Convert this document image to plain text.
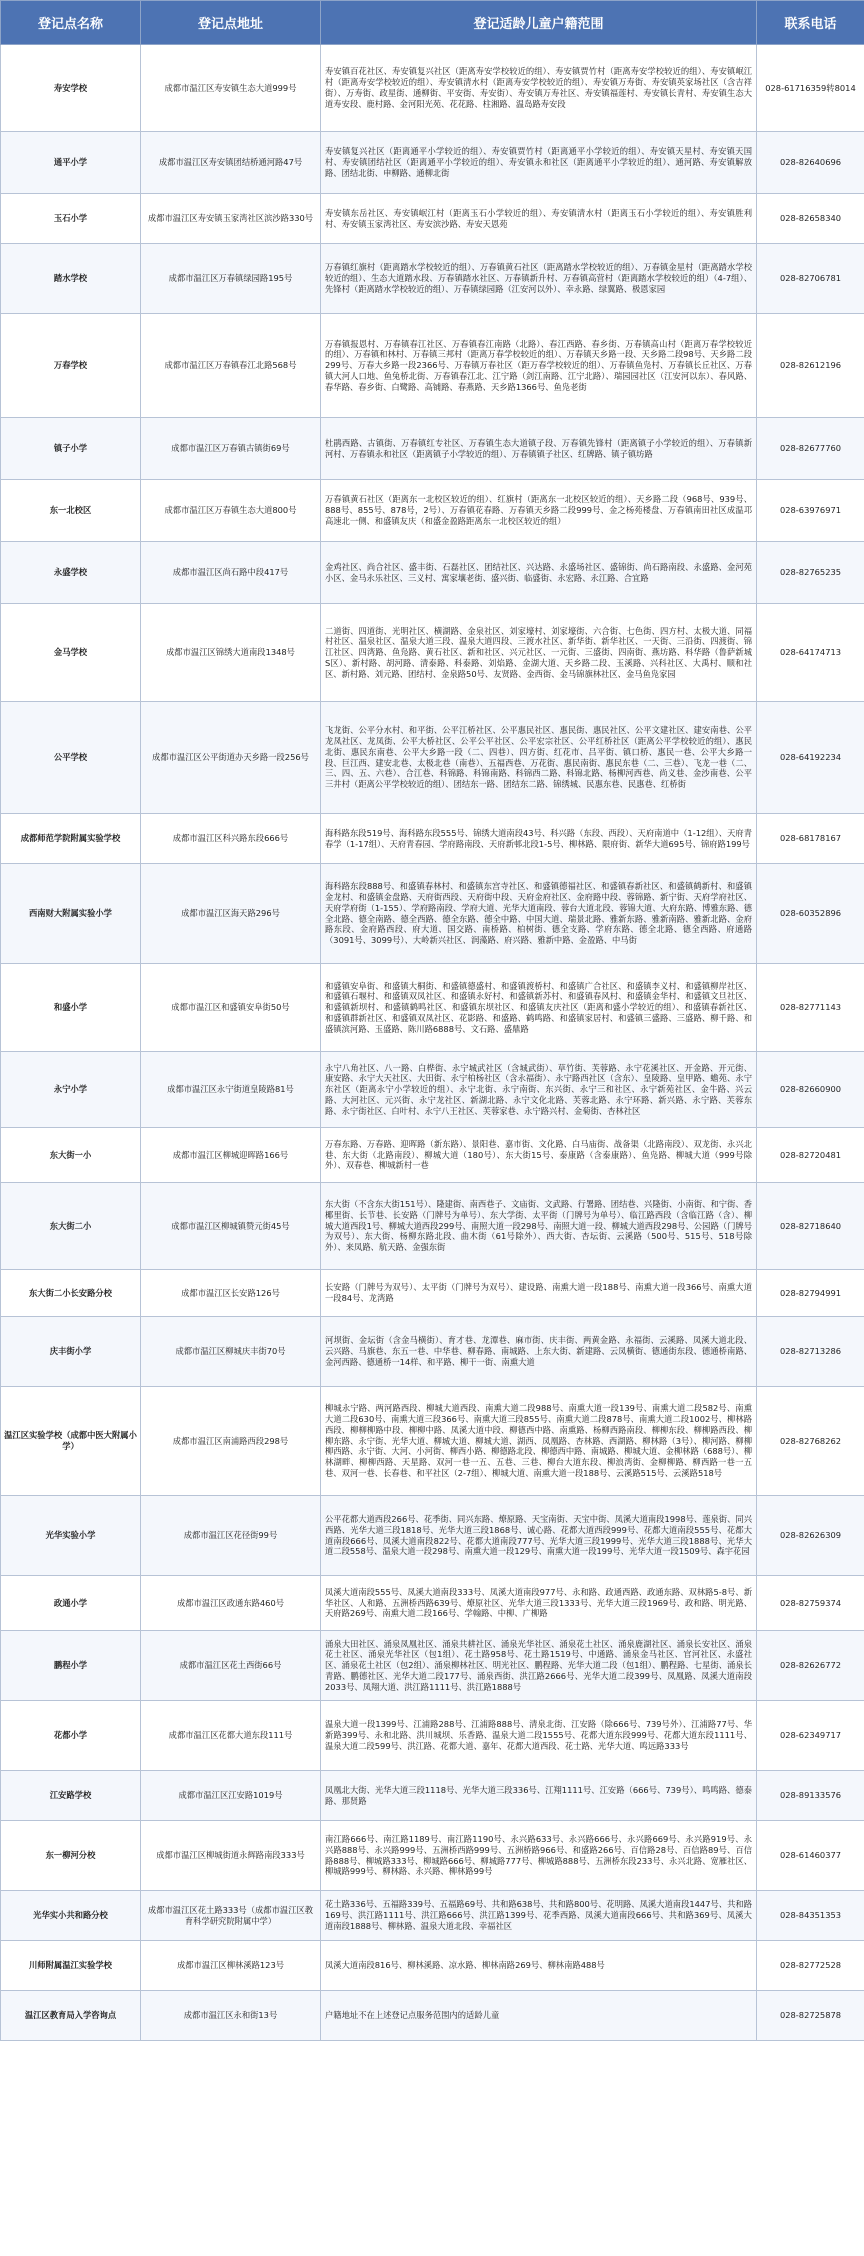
登记点名称	登记点地址	登记适龄儿童户籍范围	联系电话
寿安学校	成都市温江区寿安镇生态大道999号	寿安镇百花社区、寿安镇复兴社区（距离寿安学校较近的组）、寿安镇贾竹村（距离寿安学校较近的组）、寿安镇岷江村（距离寿安学校较近的组）、寿安镇清水村（距离寿安学校较近的组）、寿安镇万寿街、寿安镇英家场社区（含吉祥街）、万寿街、政星街、通柳街、平安街、寿安街）、寿安镇万寿社区、寿安镇福莲村、寿安镇长青村、寿安镇生态大道寿安段、鹿村路、金河阳光苑、花花路、柱湘路、温岛路寿安段	028-61716359转8014
通平小学	成都市温江区寿安镇团结桥通河路47号	寿安镇复兴社区（距离通平小学较近的组）、寿安镇贾竹村（距离通平小学较近的组）、寿安镇天星村、寿安镇天国村、寿安镇团结社区（距离通平小学较近的组）、寿安镇永和社区（距离通平小学较近的组）、通河路、寿安镇解放路、团结北街、申柳路、通柳北街	028-82640696
玉石小学	成都市温江区寿安镇玉家湾社区滨沙路330号	寿安镇东岳社区、寿安镇岷江村（距离玉石小学较近的组）、寿安镇清水村（距离玉石小学较近的组）、寿安镇胜利村、寿安镇玉家湾社区、寿安滨沙路、寿安天恩苑	028-82658340
踏水学校	成都市温江区万春镇绿园路195号	万春镇红旗村（距离踏水学校较近的组）、万春镇黄石社区（距离踏水学校较近的组）、万春镇金星村（距离踏水学校较近的组）、生态大道踏水段、万春镇踏水社区、万春镇新升村、万春镇高营村（距离踏水学校较近的组）（4-7组）、先锋村（距离踏水学校较近的组）、万春镇绿园路（江安河以外）、幸永路、绿翼路、极恩家园	028-82706781
万春学校	成都市温江区万春镇春江北路568号	万春镇报恩村、万春镇春江社区、万春镇春江南路（北路）、春江西路、春乡街、万春镇高山村（距离万春学校较近的组）、万春镇和林村、万春镇三邦村（距离万春学校较近的组）、万春镇天乡路一段、天乡路二段98号、天乡路二段299号、万春大乡路一段2366号、万春镇万春社区（距万春学校较近的组）、万春镇鱼凫村、万春镇长丘社区、万春镇大河人口地、鱼兔桥北街、万春镇春江北、江宁路（剑江南路、江宁北路）、瑞园园社区（江安河以东）、春风路、春华路、春乡街、白鹭路、高铺路、春燕路、天乡路1366号、鱼凫老街	028-82612196
镇子小学	成都市温江区万春镇古镇街69号	杜鹃西路、古镇街、万春镇红专社区、万春镇生态大道镇子段、万春镇先锋村（距离镇子小学较近的组）、万春镇新河村、万春镇永和社区（距离镇子小学较近的组）、万春镇镇子社区、红牌路、镇子镇坊路	028-82677760
东一北校区	成都市温江区万春镇生态大道800号	万春镇黄石社区（距离东一北校区较近的组）、红旗村（距离东一北校区较近的组）、天乡路二段（968号、939号、888号、855号、878号，2号）、万春镇花春路、万春镇天乡路二段999号、金之杨苑楼盘、万春镇南田社区成温邛高速北一侧、和盛镇友庆（和盛金盈路距离东一北校区较近的组）	028-63976971
永盛学校	成都市温江区尚石路中段417号	金鸡社区、尚合社区、盛丰街、石磊社区、团结社区、兴达路、永盛场社区、盛锦街、尚石路南段、永盛路、金河苑小区、金马永乐社区、三义村、寓家壤老街、盛兴街、临盛街、永宏路、永江路、合宜路	028-82765235
金马学校	成都市温江区锦绣大道南段1348号	二道街、四道街、光明社区、横湖路、金泉社区、刘家壕村、刘家壕街、六合街、七色街、四方村、太极大道、同福村社区、温泉社区、温泉大道三段、温泉大道四段、三渡水社区、新华街、新华社区、一天街、三沿街、四渡街、锦江社区、四湾路、鱼凫路、黄石社区、新和社区、兴元社区、一元街、三盛街、四南街、燕坊路、科华路（鲁萨新城S区）、新村路、胡河路、清泰路、科泰路、刘焰路、金湖大道、天乡路二段、玉溪路、兴科社区、大禹村、顺和社区、新村路、刘元路、团结村、金泉路50号、友贤路、金西街、金马锦旗林社区、金马鱼凫家园	028-64174713
公平学校	成都市温江区公平街道办天乡路一段256号	飞龙街、公平分水村、和平街、公平江桥社区、公平惠民社区、惠民街、惠民社区、公平文建社区、建安南巷、公平龙凤社区、龙凤街、公平大桥社区、公平公平社区、公平宏宗社区、公平红桥社区（距离公平学校较近的组）、惠民北街、惠民东南巷、公平大乡路一段（二、四巷）、四方街、红花市、吕平街、镇口桥、惠民一巷、公平大乡路一段、巨江西、建安北巷、太极北巷（南巷）、五福西巷、万花街、惠民南街、惠民东巷（二、三巷）、飞龙一巷（二、三、四、五、六巷）、合江巷、科锦路、科锦南路、科锦西二路、科锦北路、杨柳河西巷、尚义巷、金沙南巷、公平三井村（距离公平学校较近的组）、团结东一路、团结东二路、锦绣城、民惠东巷、民惠巷、红桥街	028-64192234
成都师范学院附属实验学校	成都市温江区科兴路东段666号	海科路东段519号、海科路东段555号、锦绣大道南段43号、科兴路（东段、西段）、天府南道中（1-12组）、天府青春学（1-17组）、天府青春园、学府路南段、天府新邨北段1-5号、柳林路、限府街、新华大道695号、锦府路199号	028-68178167
西南财大附属实验小学	成都市温江区海天路296号	海科路东段888号、和盛镇春林村、和盛镇东宫寺社区、和盛镇德福社区、和盛镇春新社区、和盛镇鹤新村、和盛镇金龙村、和盛镇金盘路、天府街西段、天府街中段、天府金府社区、金府路中段、蓉锦路、新宁街、天府学府社区、天府学府街（1-155）、学府路南段、学府大道、光华大道南段、蓉台大道北段、蓉锦大道、大府东路、博雅东路、德全北路、德全南路、德全西路、德全东路、德全中路、中国大道、瑞景北路、雅新东路、雅新南路、雅新北路、金府路东段、金府路西段、府大道、国交路、南桥路、柏树街、德全支路、学府东路、德全北路、德全西路、府通路（3091号、3099号）、大岭新兴社区、润藻路、府兴路、雅新中路、金盈路、中马街	028-60352896
和盛小学	成都市温江区和盛镇安阜街50号	和盛镇安阜街、和盛镇大桐街、和盛镇德盛村、和盛镇渡桥村、和盛镇广合社区、和盛镇李义村、和盛镇柳岸社区、和盛镇石堰村、和盛镇双凤社区、和盛镇永好村、和盛镇新苏村、和盛镇春风村、和盛镇金华村、和盛镇文旦社区、和盛镇新坝村、和盛镇鹤鸣社区、和盛镇东坝社区、和盛镇友庆社区（距离和盛小学较近的组）、和盛镇春新社区、和盛镇群新社区、和盛镇双凤社区、花影路、和盛路、鹤鸣路、和盛镇家居村、和盛镇三盛路、三盛路、柳千路、和盛镇滨河路、玉盛路、陈川路6888号、文石路、盛鼎路	028-82771143
永宁小学	成都市温江区永宁街道皇陵路81号	永宁八角社区、八一路、白桦街、永宁城武社区（含城武街）、草竹街、芙蓉路、永宁花溪社区、开金路、开元街、康安路、永宁大天社区、大田街、永宁柏杨社区（含永福街）、永宁路西社区（含东）、皇陵路、皇甲路、蟾苑、永宁东社区（距离永宁小学较近的组）、永宁北街、永宁南街、东兴街、永宁三和社区、永宁新苑社区、金牛路、兴云路、大河社区、元兴街、永宁龙社区、新湖北路、永宁文化北路、芙蓉北路、永宁环路、新兴路、永宁路、芙蓉东路、永宁街社区、白叶村、永宁八王社区、芙蓉家巷、永宁路兴村、金菊街、杏林社区	028-82660900
东大街一小	成都市温江区柳城迎晖路166号	万春东路、万春路、迎晖路（新东路）、景阳巷、嘉市街、文化路、白马庙街、战备渠（北路南段）、双龙街、永兴北巷、东大街（北路南段）、柳城大道（180号）、东大街15号、泰康路（含泰康路）、鱼凫路、柳城大道（999号除外）、双春巷、柳城新村一巷	028-82720481
东大街二小	成都市温江区柳城镇赞元街45号	东大街（不含东大街151号）、隆建街、南西巷子、文庙街、文武路、行署路、团结巷、兴隆街、小南街、和宁街、香椰里街、长节巷、长安路（门牌号为单号）、东大学街、太平街（门牌号为单号）、临江路西段（含临江路（含）、柳城大道西段1号、柳城大道西段299号、南照大道一段298号、南照大道一段、柳城大道西段298号、公园路（门牌号为双号）、东大街、杨柳东路北段、曲木街（61号除外）、西大街、杏坛街、云溪路（500号、515号、518号除外）、来凤路、航天路、金强东街	028-82718640
东大街二小长安路分校	成都市温江区长安路126号	长安路（门牌号为双号）、太平街（门牌号为双号）、建设路、南熏大道一段188号、南熏大道一段366号、南熏大道一段84号、龙湾路	028-82794991
庆丰街小学	成都市温江区柳城庆丰街70号	河坝街、金坛街（含金马横街）、育才巷、龙潭巷、麻市街、庆丰街、两黄金路、永福街、云溪路、凤溪大道北段、云兴路、马旗巷、东五一巷、中华巷、柳春路、南城路、上东大街、新建路、云凤横街、德通街东段、德通桥南路、金河西路、德通桥一14样、和平路、柳干一街、南熏大道	028-82713286
温江区实验学校（成都中医大附属小学）	成都市温江区南浦路西段298号	柳城永宁路、两河路西段、柳城大道西段、南熏大道二段988号、南熏大道一段139号、南熏大道二段582号、南熏大道二段630号、南熏大道三段366号、南熏大道三段855号、南熏大道二段878号、南熏大道二段1002号、柳林路西段、柳柳柳路中段、柳柳中路、凤溪大道中段、柳德西中路、南熏路、杨柳西路南段、柳柳东段、柳柳路西段、柳柳东路、永宁街、光华大道、柳城大道、柳城大道、湖西、凤凰路、杏林路、西湖路、柳林路（3号）、柳河路、柳柳柳西路、永宁街、大河、小河街、柳西小路、柳德路北段、柳德西中路、南城路、柳城大道、金柳林路（688号）、柳林湖畔、柳柳西路、天星路、双河一巷一五、五巷、三巷、柳台大道东段、柳浪湾街、金柳柳路、柳西路一巷一五巷、双河一巷、长春巷、和平社区（2-7组）、柳城大道、南熏大道一段188号、云溪路515号、云溪路518号	028-82768262
光华实验小学	成都市温江区花径街99号	公平花都大道西段266号、花季街、同兴东路、燎原路、天宝南街、天宝中街、凤溪大道南段1998号、莲泉街、同兴西路、光华大道三段1818号、光华大道三段1868号、诚心路、花都大道西段999号、花都大道南段555号、花都大道南段666号、凤溪大道南段822号、花都大道南段777号、光华大道三段1999号、光华大道三段1888号、光华大道二段558号、温泉大道一段298号、南熏大道一段129号、南熏大道一段199号、光华大道一段1509号、森宇花园	028-82626309
政通小学	成都市温江区政通东路460号	凤溪大道南段555号、凤溪大道南段333号、凤溪大道南段977号、永和路、政通西路、政通东路、双林路5-8号、新华社区、人和路、五洲桥西路639号、燎原社区、光华大道三段1333号、光华大道三段1969号、政和路、明光路、天府路269号、南熏大道二段166号、学翰路、中柳、广柳路	028-82759374
鹏程小学	成都市温江区花土西街66号	涌泉大田社区、涌泉凤凰社区、涌泉共耕社区、涌泉光华社区、涌泉花土社区、涌泉鹿湖社区、涌泉长安社区、涌泉花土社区、涌泉光华社区（包1组）、花土路958号、花土路1519号、中通路、涌泉金马社区、官河社区、永盛社区、涌泉花土社区（包2组）、涌泉柳林社区、明光社区、鹏程路、光华大道二段（包1组）、鹏程路、七星街、涌泉长青路、鹏德社区、光华大道二段177号、涌泉西街、洪江路2666号、光华大道二段399号、凤凰路、凤溪大道南段2033号、凤翔大道、洪江路1111号、洪江路1888号	028-82626772
花都小学	成都市温江区花都大道东段111号	温泉大道一段1399号、江浦路288号、江浦路888号、清泉北街、江安路（除666号、739号外）、江浦路77号、华新路399号、永和北路、洪川城坝、乐香路、温泉大道二段1555号、花都大道东段999号、花都大道东段1111号、温泉大道二段599号、洪江路、花都大道、嘉年、花都大道西段、花士路、光华大道、鸣远路333号	028-62349717
江安路学校	成都市温江区江安路1019号	凤凰北大街、光华大道三段1118号、光华大道三段336号、江翔1111号、江安路（666号、739号）、鸣鸣路、德泰路、那贤路	028-89133576
东一柳河分校	成都市温江区柳城街道永辉路南段333号	南江路666号、南江路1189号、南江路1190号、永兴路633号、永兴路666号、永兴路669号、永兴路919号、永兴路888号、永兴路999号、五洲桥西路999号、五洲桥路966号、和盛路266号、百信路28号、百信路89号、百信路888号、柳城路333号、柳城路666号、柳城路777号、柳城路888号、五洲桥东段233号、永兴北路、宽雁社区、柳城路999号、柳林路、永兴路、柳林路99号	028-61460377
光华实小共和路分校	成都市温江区花土路333号（成都市温江区教育科学研究院附属中学）	花土路336号、五福路339号、五福路69号、共和路638号、共和路800号、花明路、凤溪大道南段1447号、共和路169号、洪江路1111号、洪江路666号、洪江路1399号、花季西路、凤溪大道南段666号、共和路369号、凤溪大道南段1888号、柳林路、温泉大道北段、幸福社区	028-84351353
川师附属温江实验学校	成都市温江区柳林溪路123号	凤溪大道南段816号、柳林溪路、凉水路、柳林南路269号、柳林南路488号	028-82772528
温江区教育局入学咨询点	成都市温江区永和街13号	户籍地址不在上述登记点服务范围内的适龄儿童	028-82725878
